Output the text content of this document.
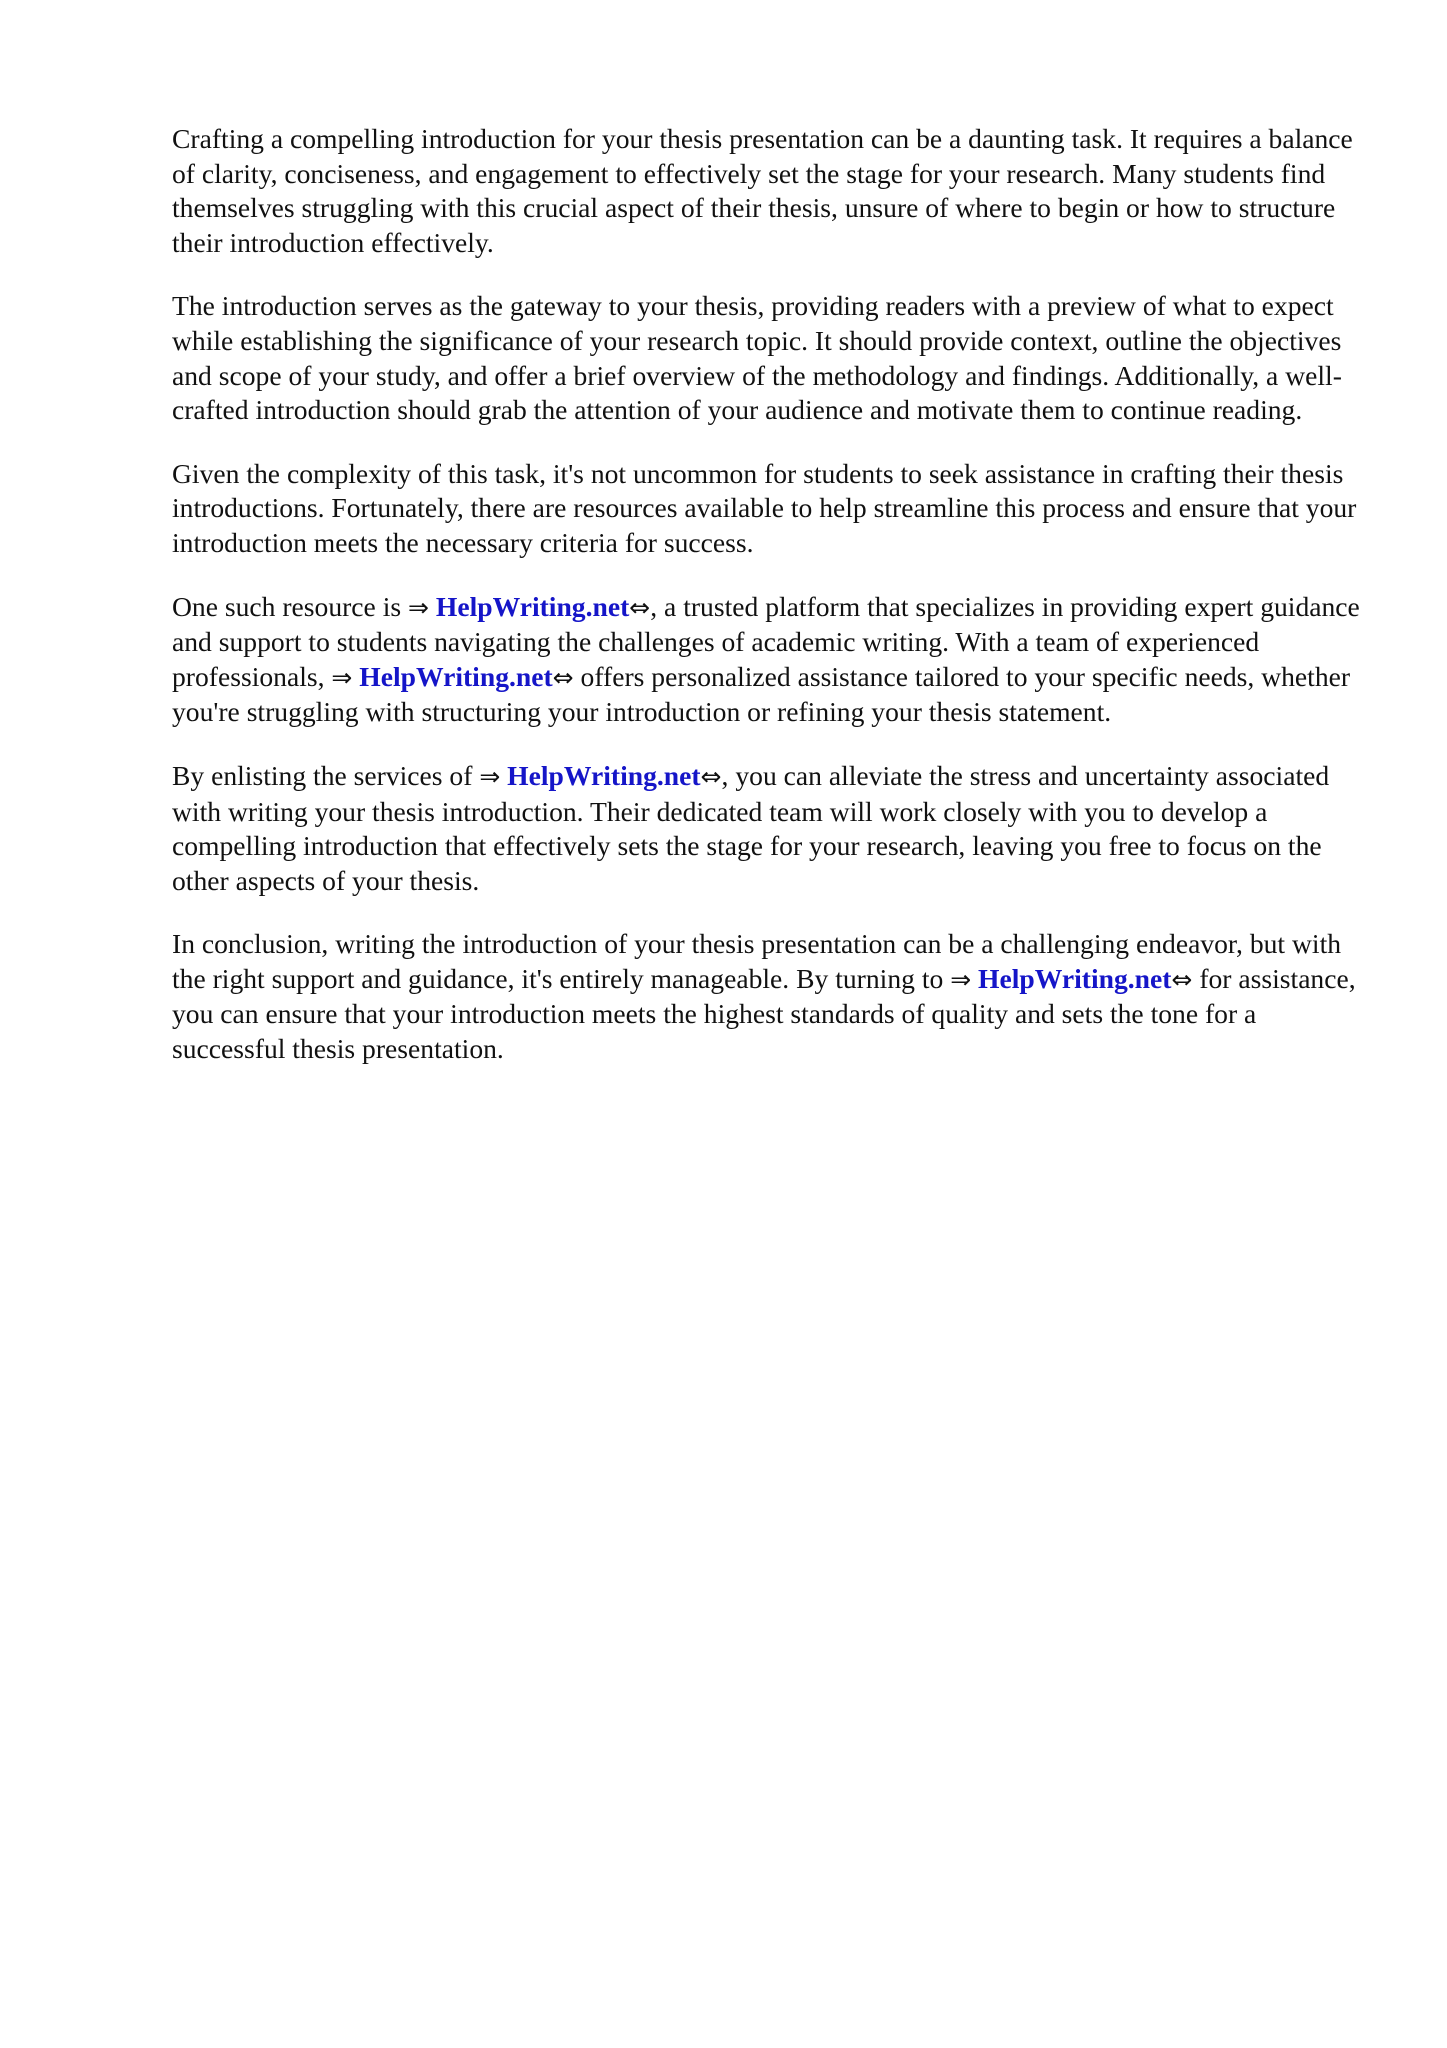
Crafting a compelling introduction for your thesis presentation can be a daunting task. It requires a balance of clarity, conciseness, and engagement to effectively set the stage for your research. Many students find themselves struggling with this crucial aspect of their thesis, unsure of where to begin or how to structure their introduction effectively.

The introduction serves as the gateway to your thesis, providing readers with a preview of what to expect while establishing the significance of your research topic. It should provide context, outline the objectives and scope of your study, and offer a brief overview of the methodology and findings. Additionally, a well-crafted introduction should grab the attention of your audience and motivate them to continue reading.

Given the complexity of this task, it's not uncommon for students to seek assistance in crafting their thesis introductions. Fortunately, there are resources available to help streamline this process and ensure that your introduction meets the necessary criteria for success.

One such resource is ⇒ HelpWriting.net⇔, a trusted platform that specializes in providing expert guidance and support to students navigating the challenges of academic writing. With a team of experienced professionals, ⇒ HelpWriting.net⇔ offers personalized assistance tailored to your specific needs, whether you're struggling with structuring your introduction or refining your thesis statement.

By enlisting the services of ⇒ HelpWriting.net⇔, you can alleviate the stress and uncertainty associated with writing your thesis introduction. Their dedicated team will work closely with you to develop a compelling introduction that effectively sets the stage for your research, leaving you free to focus on the other aspects of your thesis.

In conclusion, writing the introduction of your thesis presentation can be a challenging endeavor, but with the right support and guidance, it's entirely manageable. By turning to ⇒ HelpWriting.net⇔ for assistance, you can ensure that your introduction meets the highest standards of quality and sets the tone for a successful thesis presentation.
